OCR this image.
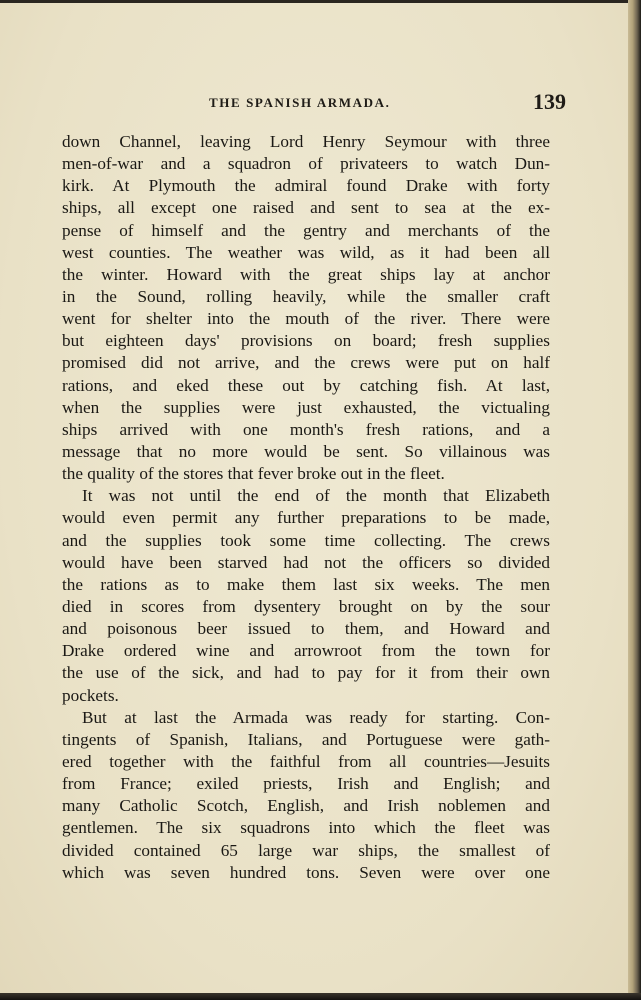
THE SPANISH ARMADA.	139
down Channel, leaving Lord Henry Seymour with three
men-of-war and a squadron of privateers to watch Dun-
kirk. At Plymouth the admiral found Drake with forty
ships, all except one raised and sent to sea at the ex-
pense of himself and the gentry and merchants of the
west counties. The weather was wild, as it had been all
the winter. Howard with the great ships lay at anchor
in the Sound, rolling heavily, while the smaller craft
went for shelter into the mouth of the river. There were
but eighteen days' provisions on board; fresh supplies
promised did not arrive, and the crews were put on half
rations, and eked these out by catching fish. At last,
when the supplies were just exhausted, the victualing
ships arrived with one month's fresh rations, and a
message that no more would be sent. So villainous was
the quality of the stores that fever broke out in the fleet.
It was not until the end of the month that Elizabeth
would even permit any further preparations to be made,
and the supplies took some time collecting. The crews
would have been starved had not the officers so divided
the rations as to make them last six weeks. The men
died in scores from dysentery brought on by the sour
and poisonous beer issued to them, and Howard and
Drake ordered wine and arrowroot from the town for
the use of the sick, and had to pay for it from their own
pockets.
But at last the Armada was ready for starting. Con-
tingents of Spanish, Italians, and Portuguese were gath-
ered together with the faithful from all countries—Jesuits
from France; exiled priests, Irish and English; and
many Catholic Scotch, English, and Irish noblemen and
gentlemen. The six squadrons into which the fleet was
divided contained 65 large war ships, the smallest of
which was seven hundred tons. Seven were over one
